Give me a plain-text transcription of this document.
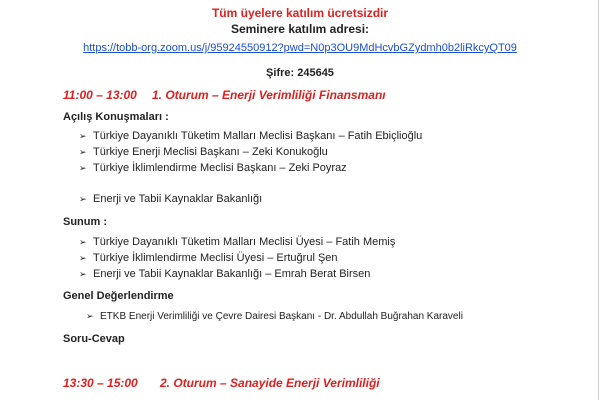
Tüm üyelere katılım ücretsizdir
Seminere katılım adresi:
https://tobb-org.zoom.us/j/95924550912?pwd=N0p3OU9MdHcvbGZydmh0b2liRkcyQT09
Şifre: 245645
11:00 – 13:00 1. Oturum – Enerji Verimliliği Finansmanı
Açılış Konuşmaları :
➢ Türkiye Dayanıklı Tüketim Malları Meclisi Başkanı – Fatih Ebiçlioğlu
➢ Türkiye Enerji Meclisi Başkanı – Zeki Konukoğlu
➢ Türkiye İklimlendirme Meclisi Başkanı – Zeki Poyraz
➢ Enerji ve Tabii Kaynaklar Bakanlığı
Sunum :
➢ Türkiye Dayanıklı Tüketim Malları Meclisi Üyesi – Fatih Memiş
➢ Türkiye İklimlendirme Meclisi Üyesi – Ertuğrul Şen
➢ Enerji ve Tabii Kaynaklar Bakanlığı – Emrah Berat Birsen
Genel Değerlendirme
➢ ETKB Enerji Verimliliği ve Çevre Dairesi Başkanı - Dr. Abdullah Buğrahan Karaveli
Soru-Cevap
13:30 – 15:00 2. Oturum – Sanayide Enerji Verimliliği
